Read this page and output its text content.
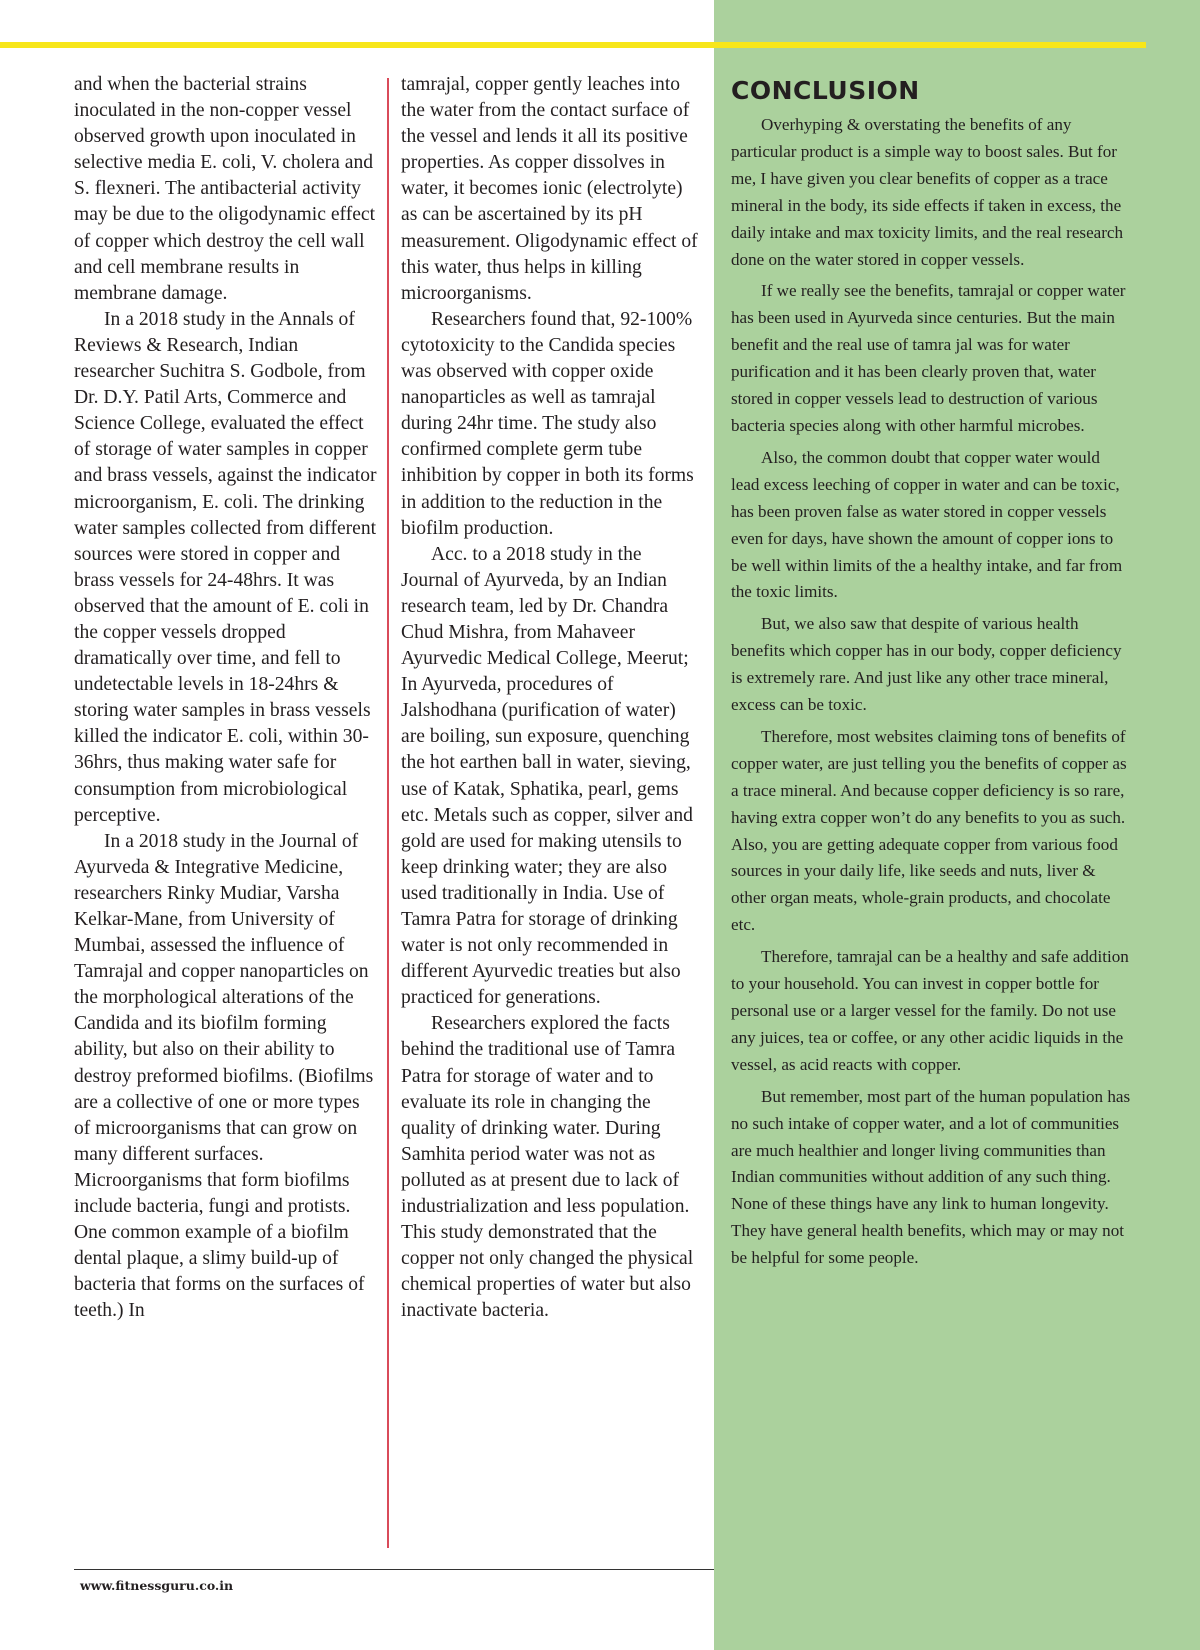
and when the bacterial strains inoculated in the non-copper vessel observed growth upon inoculated in selective media E. coli, V. cholera and S. flexneri. The antibacterial activity may be due to the oligodynamic effect of copper which destroy the cell wall and cell membrane results in membrane damage.

In a 2018 study in the Annals of Reviews & Research, Indian researcher Suchitra S. Godbole, from Dr. D.Y. Patil Arts, Commerce and Science College, evaluated the effect of storage of water samples in copper and brass vessels, against the indicator microorganism, E. coli. The drinking water samples collected from different sources were stored in copper and brass vessels for 24-48hrs. It was observed that the amount of E. coli in the copper vessels dropped dramatically over time, and fell to undetectable levels in 18-24hrs & storing water samples in brass vessels killed the indicator E. coli, within 30-36hrs, thus making water safe for consumption from microbiological perceptive.

In a 2018 study in the Journal of Ayurveda & Integrative Medicine, researchers Rinky Mudiar, Varsha Kelkar-Mane, from University of Mumbai, assessed the influence of Tamrajal and copper nanoparticles on the morphological alterations of the Candida and its biofilm forming ability, but also on their ability to destroy preformed biofilms. (Biofilms are a collective of one or more types of microorganisms that can grow on many different surfaces. Microorganisms that form biofilms include bacteria, fungi and protists. One common example of a biofilm dental plaque, a slimy build-up of bacteria that forms on the surfaces of teeth.) In

tamrajal, copper gently leaches into the water from the contact surface of the vessel and lends it all its positive properties. As copper dissolves in water, it becomes ionic (electrolyte) as can be ascertained by its pH measurement. Oligodynamic effect of this water, thus helps in killing microorganisms.

Researchers found that, 92-100% cytotoxicity to the Candida species was observed with copper oxide nanoparticles as well as tamrajal during 24hr time. The study also confirmed complete germ tube inhibition by copper in both its forms in addition to the reduction in the biofilm production.

Acc. to a 2018 study in the Journal of Ayurveda, by an Indian research team, led by Dr. Chandra Chud Mishra, from Mahaveer Ayurvedic Medical College, Meerut; In Ayurveda, procedures of Jalshodhana (purification of water) are boiling, sun exposure, quenching the hot earthen ball in water, sieving, use of Katak, Sphatika, pearl, gems etc. Metals such as copper, silver and gold are used for making utensils to keep drinking water; they are also used traditionally in India. Use of Tamra Patra for storage of drinking water is not only recommended in different Ayurvedic treaties but also practiced for generations.

Researchers explored the facts behind the traditional use of Tamra Patra for storage of water and to evaluate its role in changing the quality of drinking water. During Samhita period water was not as polluted as at present due to lack of industrialization and less population. This study demonstrated that the copper not only changed the physical chemical properties of water but also inactivate bacteria.

CONCLUSION

Overhyping & overstating the benefits of any particular product is a simple way to boost sales. But for me, I have given you clear benefits of copper as a trace mineral in the body, its side effects if taken in excess, the daily intake and max toxicity limits, and the real research done on the water stored in copper vessels.

If we really see the benefits, tamrajal or copper water has been used in Ayurveda since centuries. But the main benefit and the real use of tamra jal was for water purification and it has been clearly proven that, water stored in copper vessels lead to destruction of various bacteria species along with other harmful microbes.

Also, the common doubt that copper water would lead excess leeching of copper in water and can be toxic, has been proven false as water stored in copper vessels even for days, have shown the amount of copper ions to be well within limits of the a healthy intake, and far from the toxic limits.

But, we also saw that despite of various health benefits which copper has in our body, copper deficiency is extremely rare. And just like any other trace mineral, excess can be toxic.

Therefore, most websites claiming tons of benefits of copper water, are just telling you the benefits of copper as a trace mineral. And because copper deficiency is so rare, having extra copper won’t do any benefits to you as such. Also, you are getting adequate copper from various food sources in your daily life, like seeds and nuts, liver & other organ meats, whole-grain products, and chocolate etc.

Therefore, tamrajal can be a healthy and safe addition to your household. You can invest in copper bottle for personal use or a larger vessel for the family. Do not use any juices, tea or coffee, or any other acidic liquids in the vessel, as acid reacts with copper.

But remember, most part of the human population has no such intake of copper water, and a lot of communities are much healthier and longer living communities than Indian communities without addition of any such thing. None of these things have any link to human longevity. They have general health benefits, which may or may not be helpful for some people.

www.fitnessguru.co.in
